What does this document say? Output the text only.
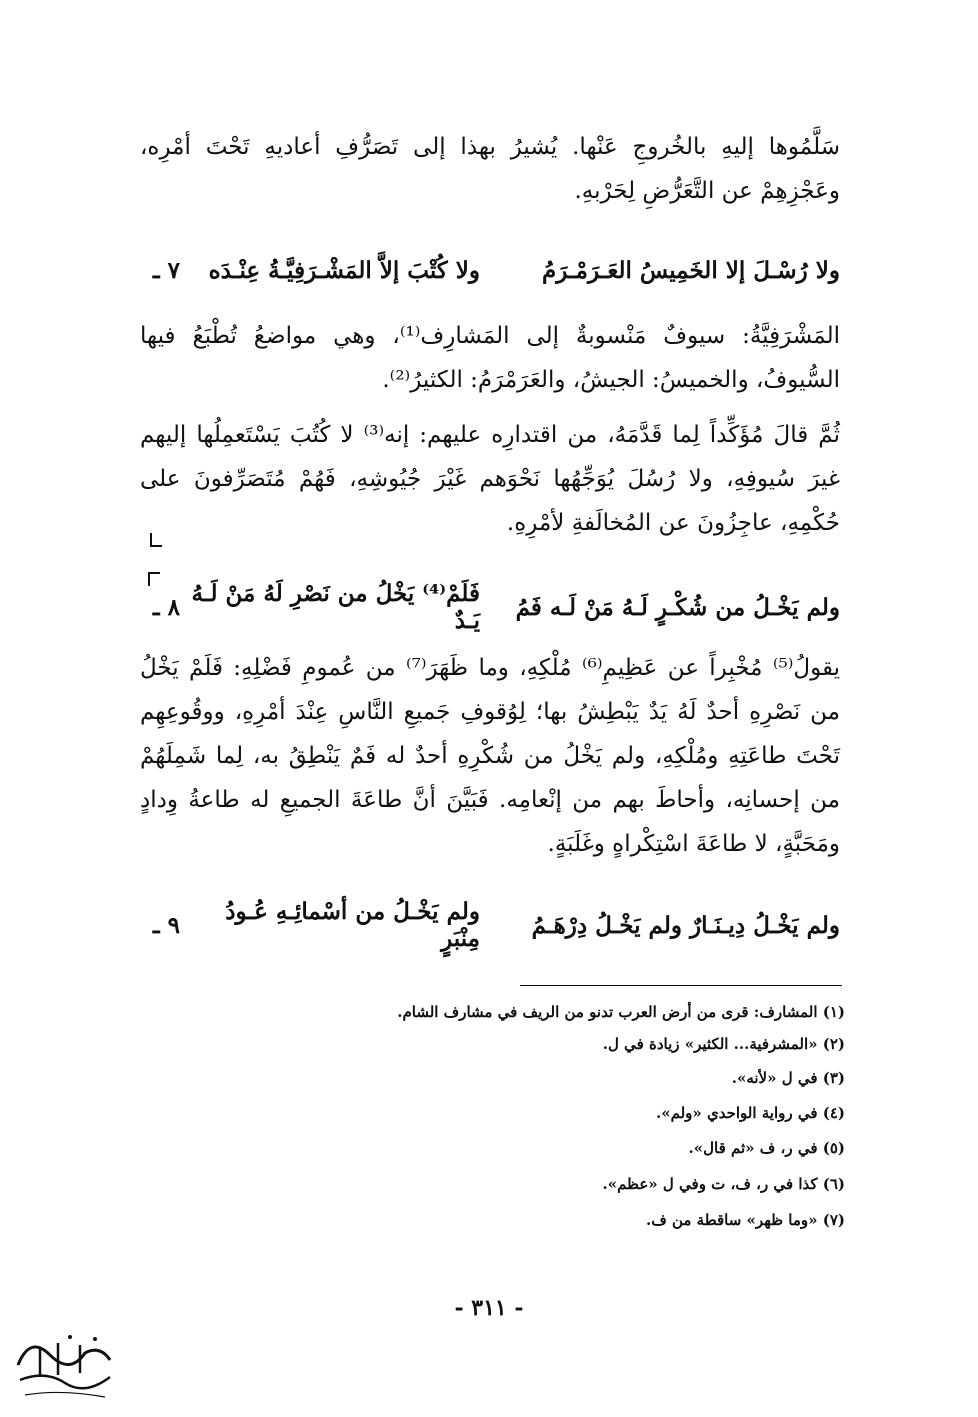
سَلَّمُوها إليهِ بالخُروجِ عَنْها. يُشيرُ بهذا إلى تَصَرُّفِ أعاديهِ تَحْتَ أمْرِه، وعَجْزِهِمْ عن التَّعَرُّضِ لِحَرْبهِ.

٧ ـ	ولا كُتْبَ إلاَّ المَشْـرَفِيَّـةُ عِنْـدَه	ولا رُسْـلَ إلا الخَمِيسُ العَـرَمْـرَمُ

المَشْرَفِيَّةُ: سيوفٌ مَنْسوبةٌ إلى المَشارِف⁽¹⁾، وهي مواضعُ تُطْبَعُ فيها السُّيوفُ، والخميسُ: الجيشُ، والعَرَمْرَمُ: الكثيرُ⁽²⁾.

ثُمَّ قالَ مُؤَكِّداً لِما قَدَّمَهُ، من اقتدارِه عليهم: إنه⁽³⁾ لا كُتُبَ يَسْتَعمِلُها إليهم غيرَ سُيوفِهِ، ولا رُسُلَ يُوَجِّهُها نَحْوَهم غَيْرَ جُيُوشِهِ، فَهُمْ مُتَصَرِّفونَ على حُكْمِهِ، عاجِزُونَ عن المُخالَفةِ لأمْرِهِ.

٨ ـ فَلَمْ⁽⁴⁾ يَخْلُ من نَصْرِ لَهُ مَنْ لَـهُ يَـدٌ	ولم يَخْـلُ من شُكْـرٍ لَـهُ مَنْ لَـه فَمُ

يقولُ⁽⁵⁾ مُخْبِراً عن عَظِيمِ⁽⁶⁾ مُلْكِهِ، وما ظَهَرَ⁽⁷⁾ من عُمومِ فَضْلِهِ: فَلَمْ يَخْلُ من نَصْرِهِ أحدٌ لَهُ يَدٌ يَبْطِشُ بها؛ لِوُقوفِ جَميعِ النَّاسِ عِنْدَ أمْرِهِ، ووقُوعِهِم تَحْتَ طاعَتِهِ ومُلْكِهِ، ولم يَخْلُ من شُكْرِهِ أحدٌ له فَمٌ يَنْطِقُ به، لِما شَمِلَهُمْ من إحسانِه، وأحاطَ بهم من إنْعامِه. فَبَيَّنَ أنَّ طاعَةَ الجميعِ له طاعةُ وِدادٍ ومَحَبَّةٍ، لا طاعَةَ اسْتِكْراهٍ وغَلَبَةٍ.

٩ ـ	ولم يَخْـلُ من أسْمائِـهِ عُـودُ مِنْبَرٍ	ولم يَخْـلُ دِيـنَـارٌ ولم يَخْـلُ دِرْهَـمُ
(١) المشارف: قرى من أرض العرب تدنو من الريف في مشارف الشام.
(٢) «المشرفية... الكثير» زيادة في ل.
(٣) في ل «لأنه».
(٤) في رواية الواحدي «ولم».
(٥) في ر، ف «ثم قال».
(٦) كذا في ر، ف، ت وفي ل «عظم».
(٧) «وما ظهر» ساقطة من ف.
- ٣١١ -
